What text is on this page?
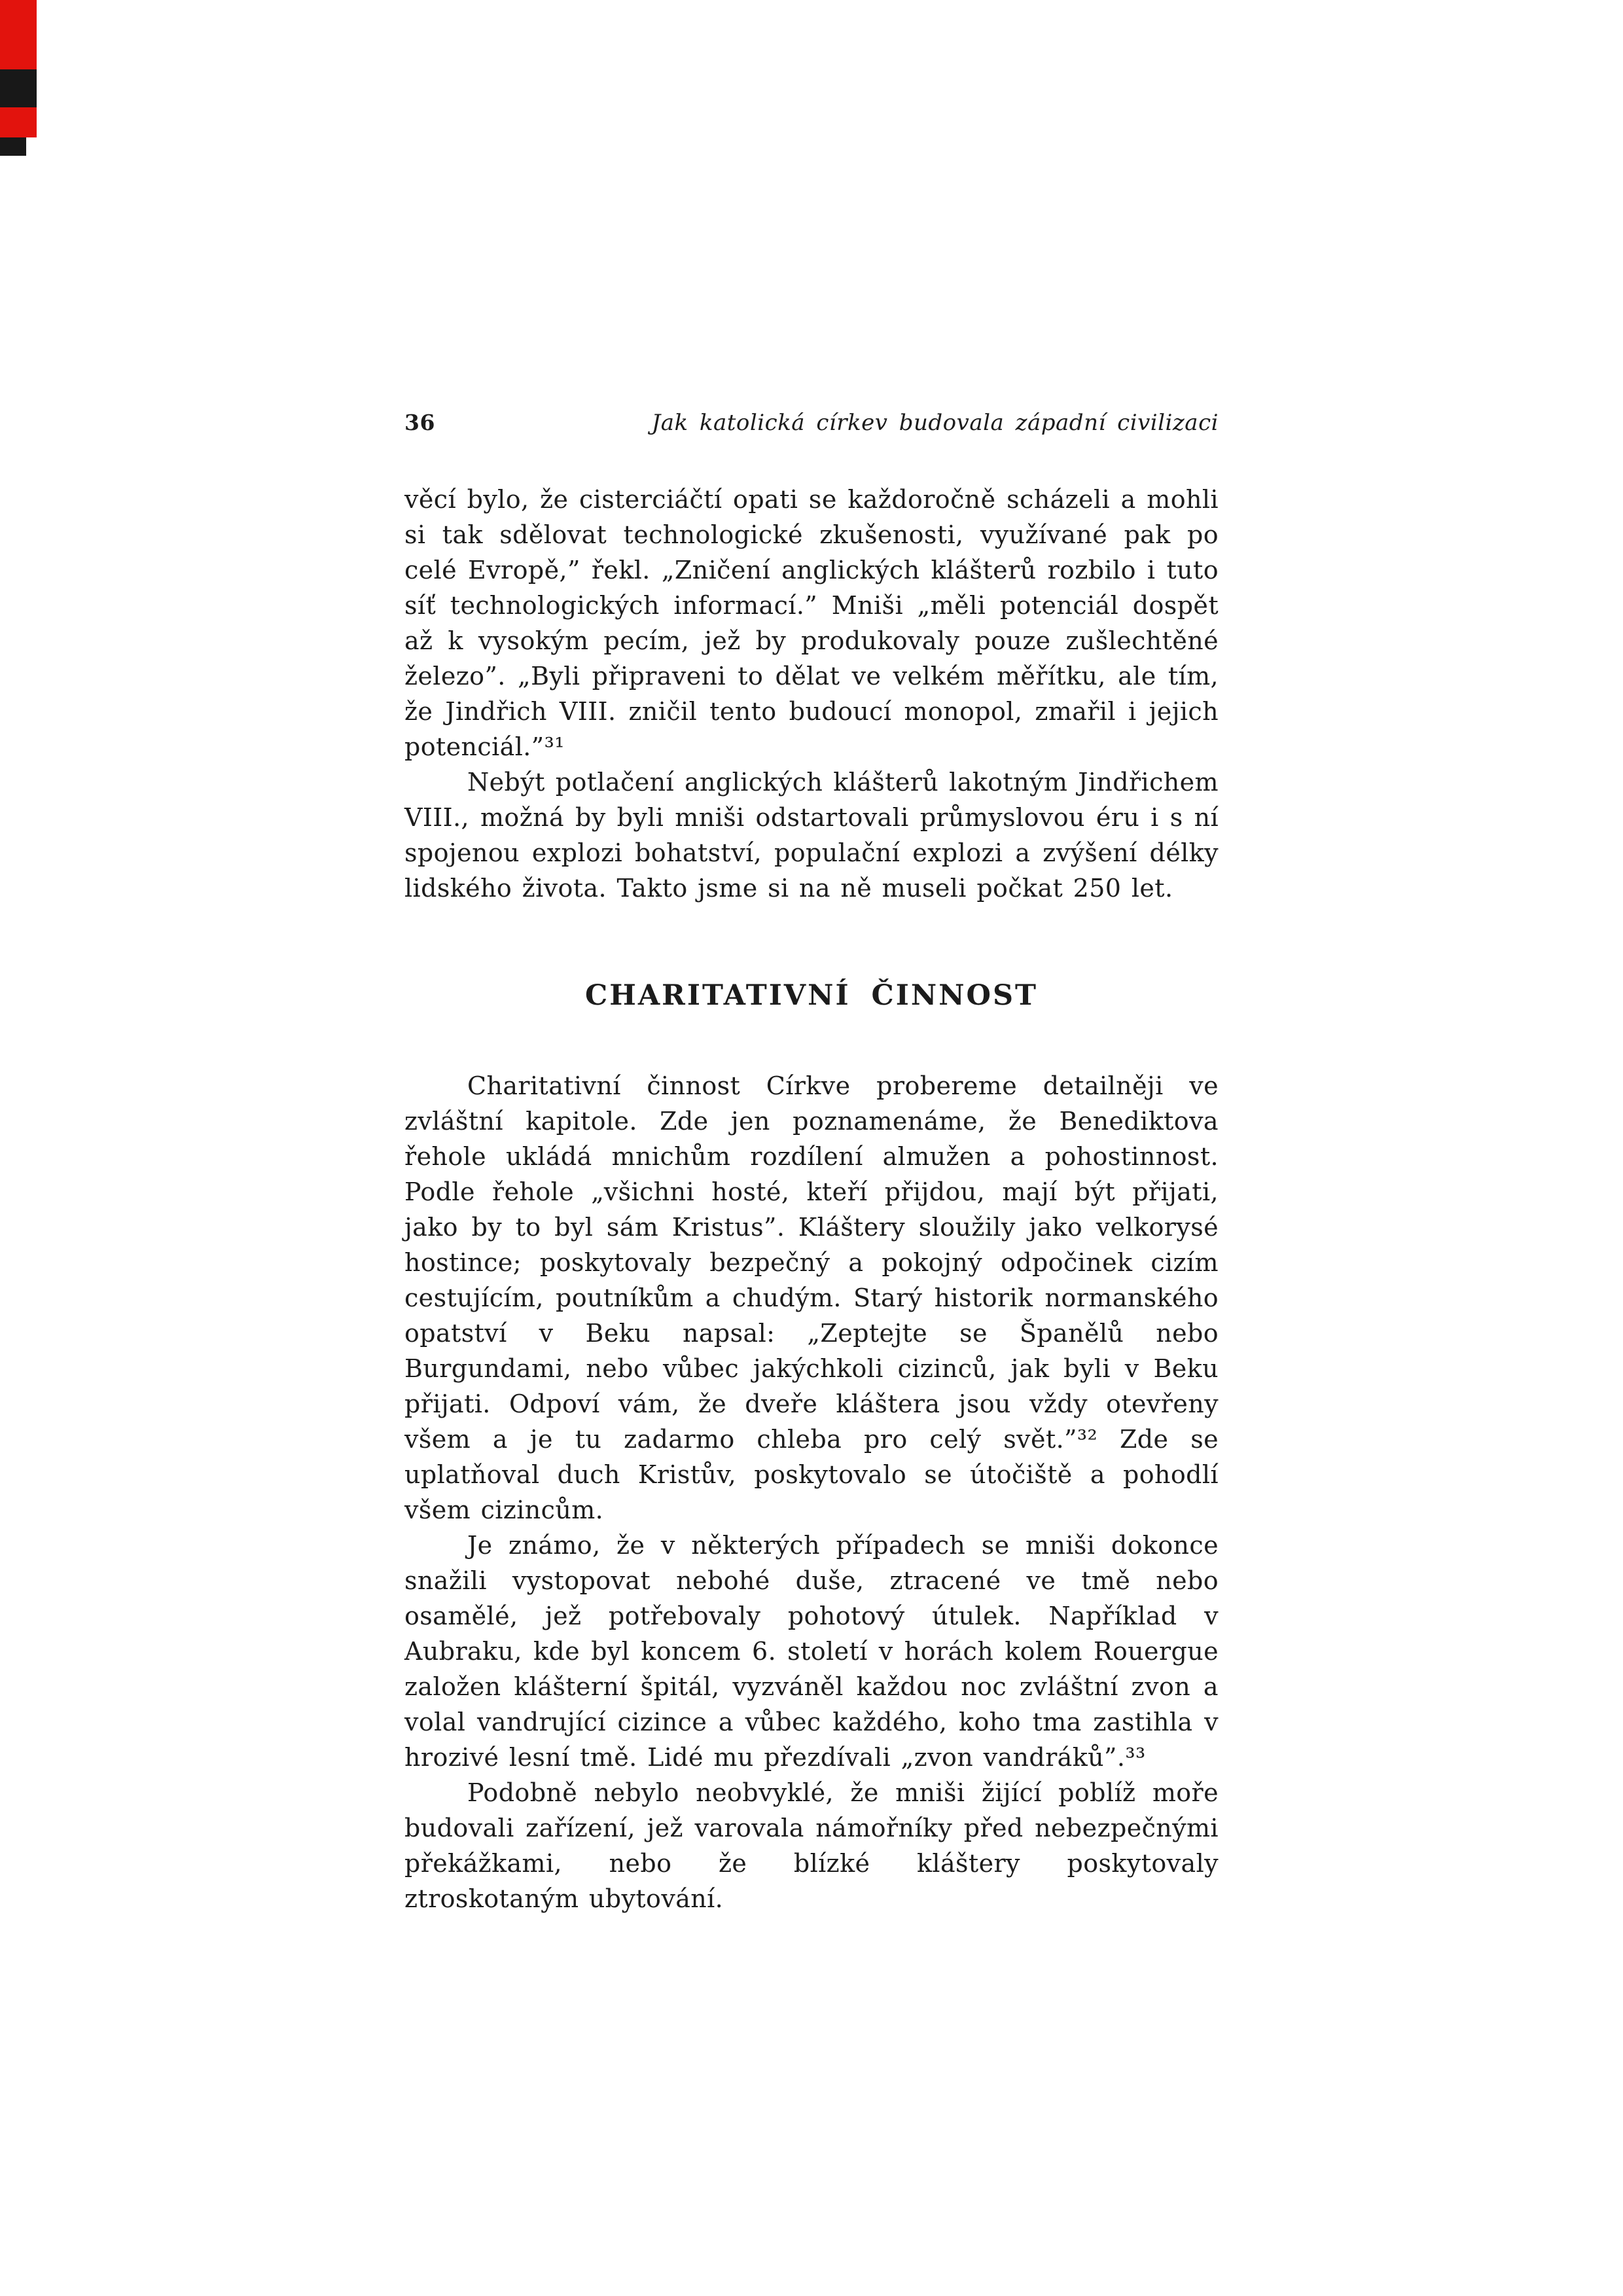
36	Jak katolická církev budovala západní civilizaci

věcí bylo, že cisterciáčtí opati se každoročně scházeli a mohli si tak sdělovat technologické zkušenosti, využívané pak po celé Evropě,” řekl. „Zničení anglických klášterů rozbilo i tuto síť technologických informací.” Mniši „měli potenciál dospět až k vysokým pecím, jež by produkovaly pouze zušlechtěné železo”. „Byli připraveni to dělat ve velkém měřítku, ale tím, že Jindřich VIII. zničil tento budoucí monopol, zmařil i jejich potenciál.”³¹

Nebýt potlačení anglických klášterů lakotným Jindřichem VIII., možná by byli mniši odstartovali průmyslovou éru i s ní spojenou explozi bohatství, populační explozi a zvýšení délky lidského života. Takto jsme si na ně museli počkat 250 let.

CHARITATIVNÍ ČINNOST

Charitativní činnost Církve probereme detailněji ve zvláštní kapitole. Zde jen poznamenáme, že Benediktova řehole ukládá mnichům rozdílení almužen a pohostinnost. Podle řehole „všichni hosté, kteří přijdou, mají být přijati, jako by to byl sám Kristus”. Kláštery sloužily jako velkorysé hostince; poskytovaly bezpečný a pokojný odpočinek cizím cestujícím, poutníkům a chudým. Starý historik normanského opatství v Beku napsal: „Zeptejte se Španělů nebo Burgundami, nebo vůbec jakýchkoli cizinců, jak byli v Beku přijati. Odpoví vám, že dveře kláštera jsou vždy otevřeny všem a je tu zadarmo chleba pro celý svět.”³² Zde se uplatňoval duch Kristův, poskytovalo se útočiště a pohodlí všem cizincům.

Je známo, že v některých případech se mniši dokonce snažili vystopovat nebohé duše, ztracené ve tmě nebo osamělé, jež potřebovaly pohotový útulek. Například v Aubraku, kde byl koncem 6. století v horách kolem Rouergue založen klášterní špitál, vyzváněl každou noc zvláštní zvon a volal vandrující cizince a vůbec každého, koho tma zastihla v hrozivé lesní tmě. Lidé mu přezdívali „zvon vandráků”.³³

Podobně nebylo neobvyklé, že mniši žijící poblíž moře budovali zařízení, jež varovala námořníky před nebezpečnými překážkami, nebo že blízké kláštery poskytovaly ztroskotaným ubytování.
